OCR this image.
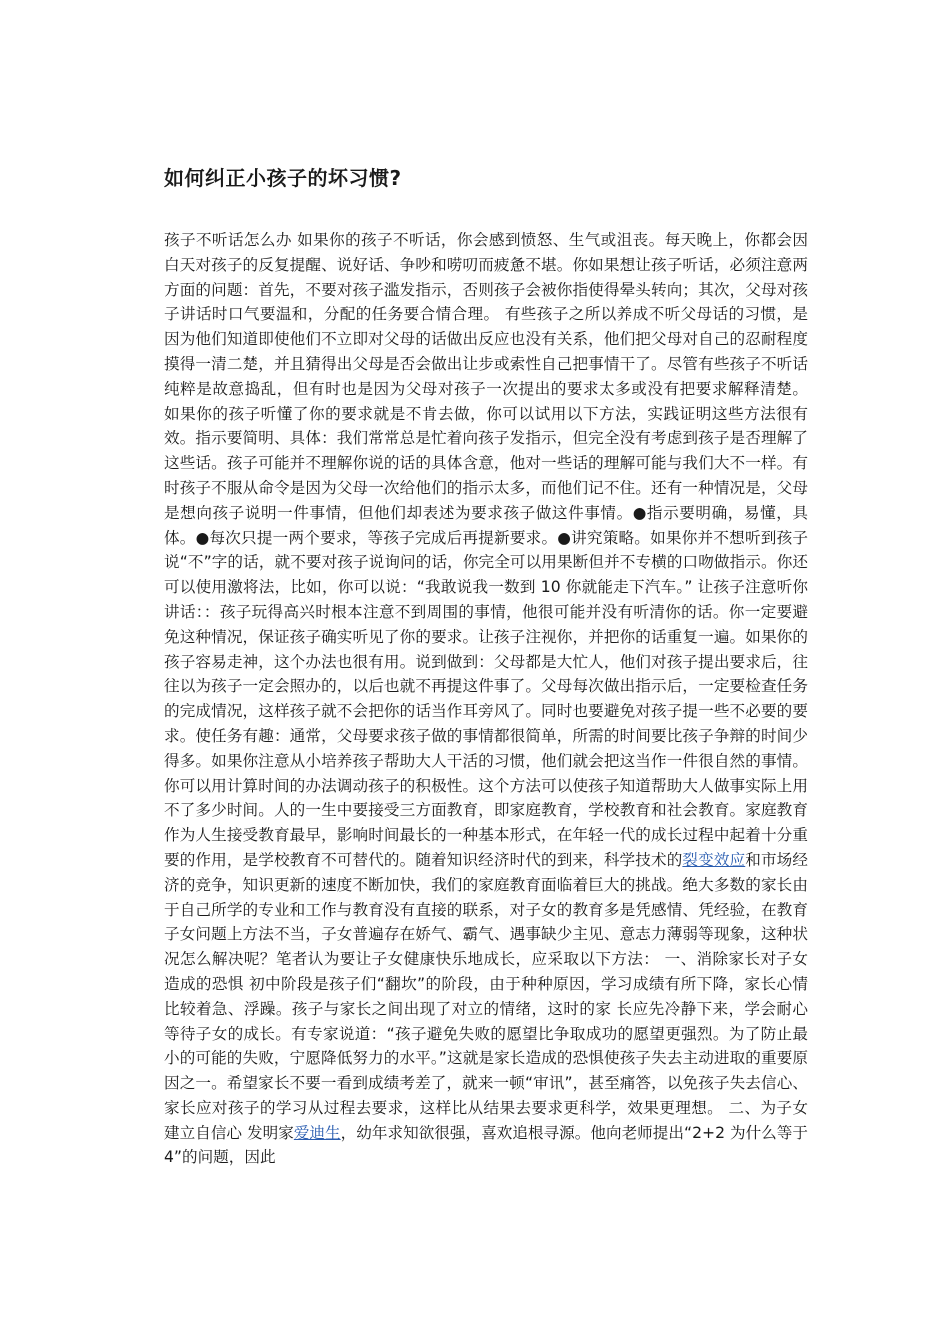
如何纠正小孩子的坏习惯?

孩子不听话怎么办 如果你的孩子不听话，你会感到愤怒、生气或沮丧。每天晚上，你都会因白天对孩子的反复提醒、说好话、争吵和唠叨而疲惫不堪。你如果想让孩子听话，必须注意两方面的问题：首先，不要对孩子滥发指示，否则孩子会被你指使得晕头转向；其次，父母对孩子讲话时口气要温和，分配的任务要合情合理。 有些孩子之所以养成不听父母话的习惯，是因为他们知道即使他们不立即对父母的话做出反应也没有关系，他们把父母对自己的忍耐程度摸得一清二楚，并且猜得出父母是否会做出让步或索性自己把事情干了。尽管有些孩子不听话纯粹是故意捣乱，但有时也是因为父母对孩子一次提出的要求太多或没有把要求解释清楚。 如果你的孩子听懂了你的要求就是不肯去做，你可以试用以下方法，实践证明这些方法很有效。指示要简明、具体：我们常常总是忙着向孩子发指示，但完全没有考虑到孩子是否理解了这些话。孩子可能并不理解你说的话的具体含意，他对一些话的理解可能与我们大不一样。有时孩子不服从命令是因为父母一次给他们的指示太多，而他们记不住。还有一种情况是，父母是想向孩子说明一件事情，但他们却表述为要求孩子做这件事情。●指示要明确，易懂，具体。●每次只提一两个要求，等孩子完成后再提新要求。●讲究策略。如果你并不想听到孩子说“不”字的话，就不要对孩子说询问的话，你完全可以用果断但并不专横的口吻做指示。你还可以使用激将法，比如，你可以说：“我敢说我一数到 10 你就能走下汽车。” 让孩子注意听你讲话：：孩子玩得高兴时根本注意不到周围的事情，他很可能并没有听清你的话。你一定要避免这种情况，保证孩子确实听见了你的要求。让孩子注视你，并把你的话重复一遍。如果你的孩子容易走神，这个办法也很有用。说到做到：父母都是大忙人，他们对孩子提出要求后，往往以为孩子一定会照办的，以后也就不再提这件事了。父母每次做出指示后，一定要检查任务的完成情况，这样孩子就不会把你的话当作耳旁风了。同时也要避免对孩子提一些不必要的要求。使任务有趣：通常，父母要求孩子做的事情都很简单，所需的时间要比孩子争辩的时间少得多。如果你注意从小培养孩子帮助大人干活的习惯，他们就会把这当作一件很自然的事情。你可以用计算时间的办法调动孩子的积极性。这个方法可以使孩子知道帮助大人做事实际上用不了多少时间。人的一生中要接受三方面教育，即家庭教育，学校教育和社会教育。家庭教育作为人生接受教育最早，影响时间最长的一种基本形式，在年轻一代的成长过程中起着十分重要的作用，是学校教育不可替代的。随着知识经济时代的到来，科学技术的裂变效应和市场经济的竞争，知识更新的速度不断加快，我们的家庭教育面临着巨大的挑战。绝大多数的家长由于自己所学的专业和工作与教育没有直接的联系，对子女的教育多是凭感情、凭经验，在教育子女问题上方法不当，子女普遍存在娇气、霸气、遇事缺少主见、意志力薄弱等现象，这种状况怎么解决呢？笔者认为要让子女健康快乐地成长，应采取以下方法： 一、消除家长对子女造成的恐惧 初中阶段是孩子们“翻坎”的阶段，由于种种原因，学习成绩有所下降，家长心情比较着急、浮躁。孩子与家长之间出现了对立的情绪，这时的家 长应先冷静下来，学会耐心等待子女的成长。有专家说道：“孩子避免失败的愿望比争取成功的愿望更强烈。为了防止最小的可能的失败，宁愿降低努力的水平。”这就是家长造成的恐惧使孩子失去主动进取的重要原因之一。希望家长不要一看到成绩考差了，就来一顿“审讯”，甚至痛答，以免孩子失去信心、家长应对孩子的学习从过程去要求，这样比从结果去要求更科学，效果更理想。 二、为子女建立自信心 发明家爱迪生，幼年求知欲很强，喜欢追根寻源。他向老师提出“2+2 为什么等于 4”的问题，因此
